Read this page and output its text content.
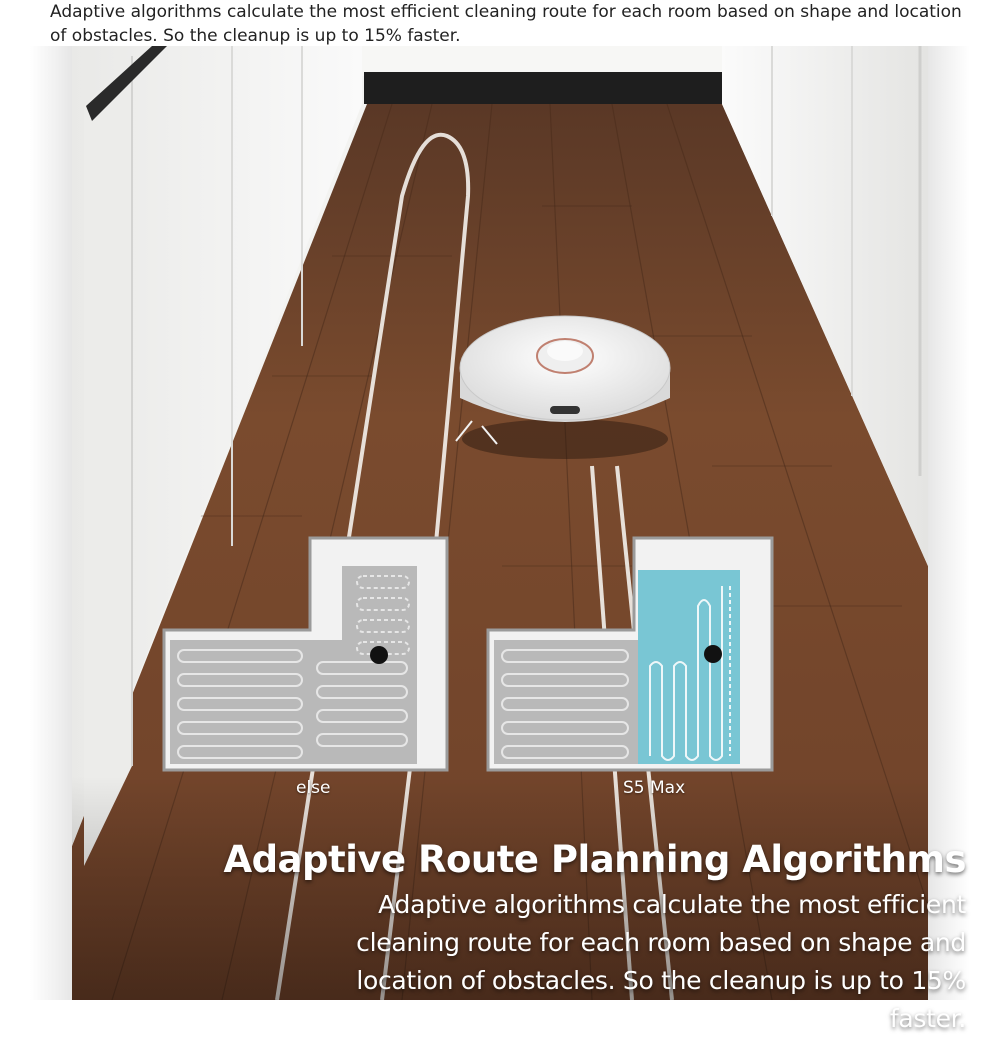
Adaptive algorithms calculate the most efficient cleaning route for each room based on shape and location of obstacles. So the cleanup is up to 15% faster.
else	S5 Max
Adaptive Route Planning Algorithms
Adaptive algorithms calculate the most efficient cleaning route for each room based on shape and location of obstacles. So the cleanup is up to 15% faster.
